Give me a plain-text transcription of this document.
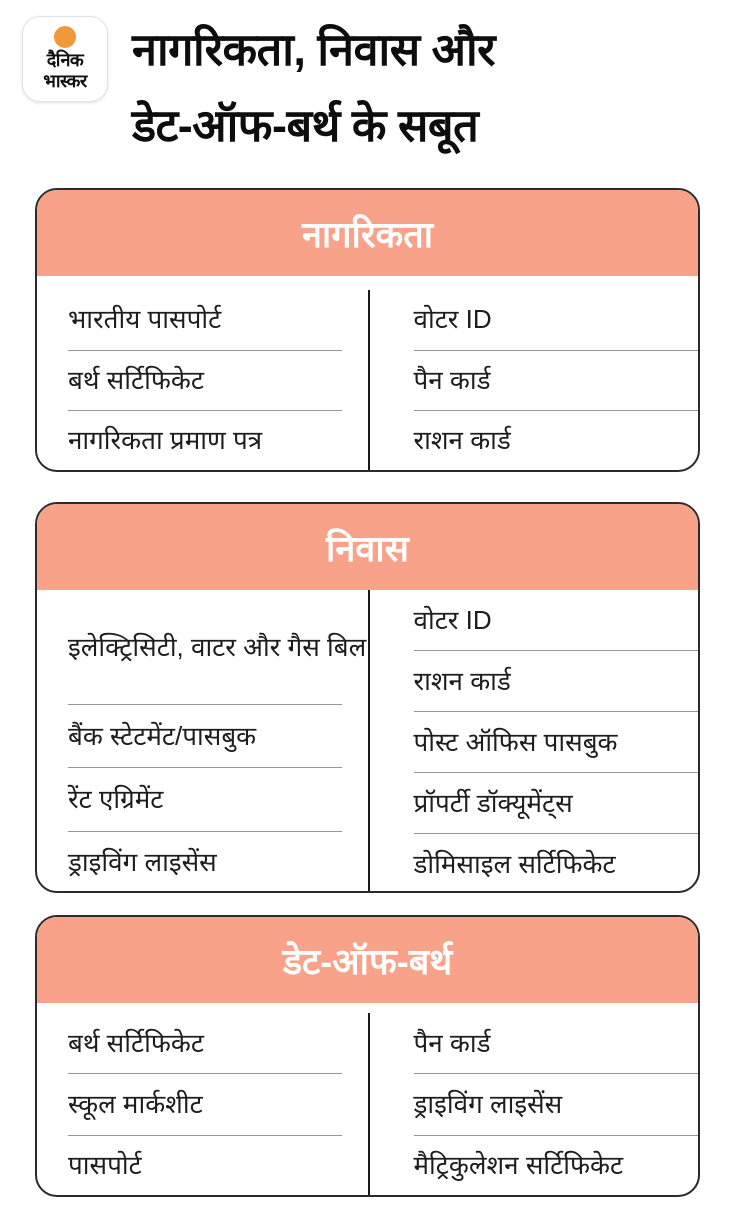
दैनिक
भास्कर
नागरिकता, निवास और
डेट-ऑफ-बर्थ के सबूत
नागरिकता
भारतीय पासपोर्ट
बर्थ सर्टिफिकेट
नागरिकता प्रमाण पत्र
वोटर ID
पैन कार्ड
राशन कार्ड
निवास
इलेक्ट्रिसिटी, वाटर और गैस बिल
बैंक स्टेटमेंट/पासबुक
रेंट एग्रिमेंट
ड्राइविंग लाइसेंस
वोटर ID
राशन कार्ड
पोस्ट ऑफिस पासबुक
प्रॉपर्टी डॉक्यूमेंट्स
डोमिसाइल सर्टिफिकेट
डेट-ऑफ-बर्थ
बर्थ सर्टिफिकेट
स्कूल मार्कशीट
पासपोर्ट
पैन कार्ड
ड्राइविंग लाइसेंस
मैट्रिकुलेशन सर्टिफिकेट
